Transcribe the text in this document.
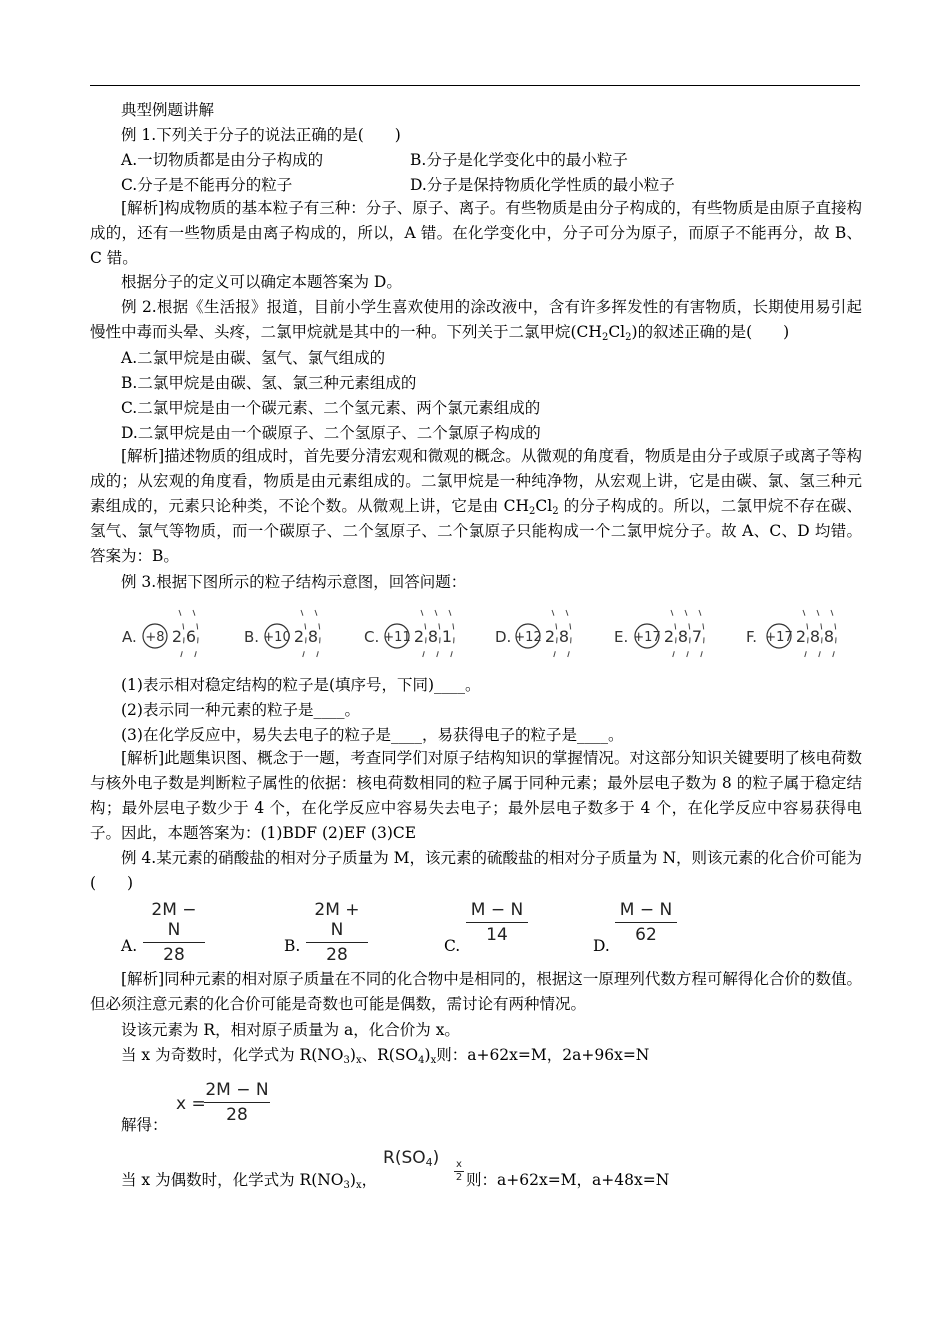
典型例题讲解
例 1.下列关于分子的说法正确的是(　　)
A.一切物质都是由分子构成的	B.分子是化学变化中的最小粒子
C.分子是不能再分的粒子	D.分子是保持物质化学性质的最小粒子
[解析]构成物质的基本粒子有三种：分子、原子、离子。有些物质是由分子构成的，有些物质是由原子直接构成的，还有一些物质是由离子构成的，所以，A 错。在化学变化中，分子可分为原子，而原子不能再分，故 B、C 错。
根据分子的定义可以确定本题答案为 D。
例 2.根据《生活报》报道，目前小学生喜欢使用的涂改液中，含有许多挥发性的有害物质，长期使用易引起慢性中毒而头晕、头疼，二氯甲烷就是其中的一种。下列关于二氯甲烷$(CH_2Cl_2)$的叙述正确的是(　　)
A.二氯甲烷是由碳、氢气、氯气组成的
B.二氯甲烷是由碳、氢、氯三种元素组成的
C.二氯甲烷是由一个碳元素、二个氢元素、两个氯元素组成的
D.二氯甲烷是由一个碳原子、二个氢原子、二个氯原子构成的
[解析]描述物质的组成时，首先要分清宏观和微观的概念。从微观的角度看，物质是由分子或原子或离子等构成的；从宏观的角度看，物质是由元素组成的。二氯甲烷是一种纯净物，从宏观上讲，它是由碳、氯、氢三种元素组成的，元素只论种类，不论个数。从微观上讲，它是由 $CH_2Cl_2$ 的分子构成的。所以，二氯甲烷不存在碳、氢气、氯气等物质，而一个碳原子、二个氢原子、二个氯原子只能构成一个二氯甲烷分子。故 A、C、D 均错。答案为：B。
例 3.根据下图所示的粒子结构示意图，回答问题：
A. +8 2 6	B. +10 2 8	C. +11 2 8 1	D. +12 2 8	E. +17 2 8 7	F. +17 2 8 8
(1)表示相对稳定结构的粒子是(填序号，下同)____。
(2)表示同一种元素的粒子是____。
(3)在化学反应中，易失去电子的粒子是____，易获得电子的粒子是____。
[解析]此题集识图、概念于一题，考查同学们对原子结构知识的掌握情况。对这部分知识关键要明了核电荷数与核外电子数是判断粒子属性的依据：核电荷数相同的粒子属于同种元素；最外层电子数为 8 的粒子属于稳定结构；最外层电子数少于 4 个，在化学反应中容易失去电子；最外层电子数多于 4 个，在化学反应中容易获得电子。因此，本题答案为：(1)BDF (2)EF (3)CE
例 4.某元素的硝酸盐的相对分子质量为 M，该元素的硫酸盐的相对分子质量为 N，则该元素的化合价可能为(　　)
2M − N
28
A.
2M + N
28
B.
M − N
14
C.
M − N
62
D.
[解析]同种元素的相对原子质量在不同的化合物中是相同的，根据这一原理列代数方程可解得化合价的数值。但必须注意元素的化合价可能是奇数也可能是偶数，需讨论有两种情况。
设该元素为 R，相对原子质量为 a，化合价为 x。
当 x 为奇数时，化学式为 $R(NO_3)_x$、$R(SO_4)_x$则：a+62x=M，2a+96x=N
解得：
x =
2M − N
28
当 x 为偶数时，化学式为 $R(NO_3)_x$，
$R(SO_4)$ x
2 则：a+62x=M，a+48x=N
